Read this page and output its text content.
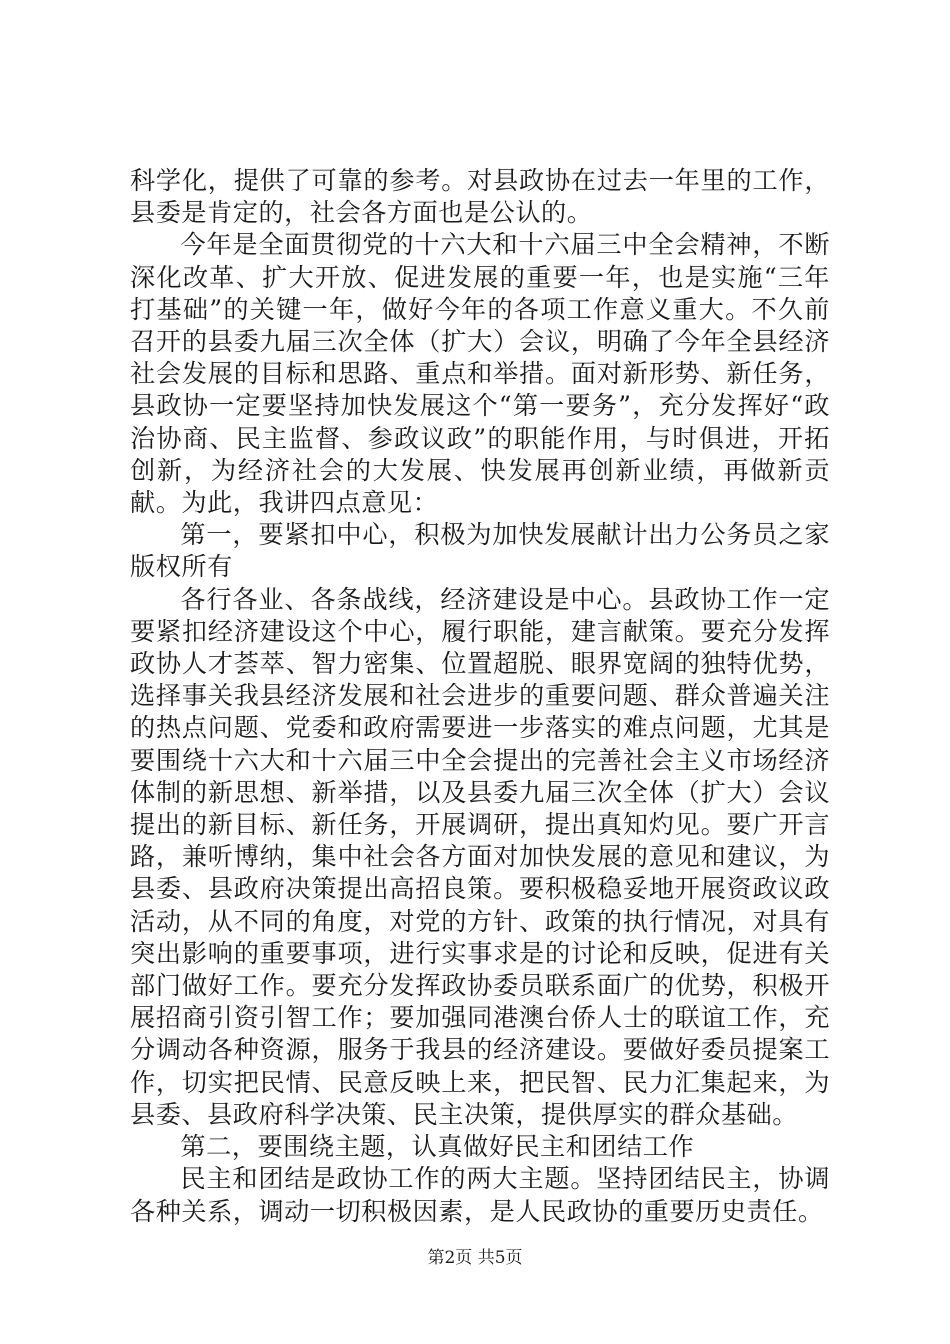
科学化，提供了可靠的参考。对县政协在过去一年里的工作，县委是肯定的，社会各方面也是公认的。

今年是全面贯彻党的十六大和十六届三中全会精神，不断深化改革、扩大开放、促进发展的重要一年，也是实施“三年打基础”的关键一年，做好今年的各项工作意义重大。不久前召开的县委九届三次全体（扩大）会议，明确了今年全县经济社会发展的目标和思路、重点和举措。面对新形势、新任务，县政协一定要坚持加快发展这个“第一要务”，充分发挥好“政治协商、民主监督、参政议政”的职能作用，与时俱进，开拓创新，为经济社会的大发展、快发展再创新业绩，再做新贡献。为此，我讲四点意见：

第一，要紧扣中心，积极为加快发展献计出力公务员之家版权所有

各行各业、各条战线，经济建设是中心。县政协工作一定要紧扣经济建设这个中心，履行职能，建言献策。要充分发挥政协人才荟萃、智力密集、位置超脱、眼界宽阔的独特优势，选择事关我县经济发展和社会进步的重要问题、群众普遍关注的热点问题、党委和政府需要进一步落实的难点问题，尤其是要围绕十六大和十六届三中全会提出的完善社会主义市场经济体制的新思想、新举措，以及县委九届三次全体（扩大）会议提出的新目标、新任务，开展调研，提出真知灼见。要广开言路，兼听博纳，集中社会各方面对加快发展的意见和建议，为县委、县政府决策提出高招良策。要积极稳妥地开展资政议政活动，从不同的角度，对党的方针、政策的执行情况，对具有突出影响的重要事项，进行实事求是的讨论和反映，促进有关部门做好工作。要充分发挥政协委员联系面广的优势，积极开展招商引资引智工作；要加强同港澳台侨人士的联谊工作，充分调动各种资源，服务于我县的经济建设。要做好委员提案工作，切实把民情、民意反映上来，把民智、民力汇集起来，为县委、县政府科学决策、民主决策，提供厚实的群众基础。

第二，要围绕主题，认真做好民主和团结工作

民主和团结是政协工作的两大主题。坚持团结民主，协调各种关系，调动一切积极因素，是人民政协的重要历史责任。

第2页 共5页
